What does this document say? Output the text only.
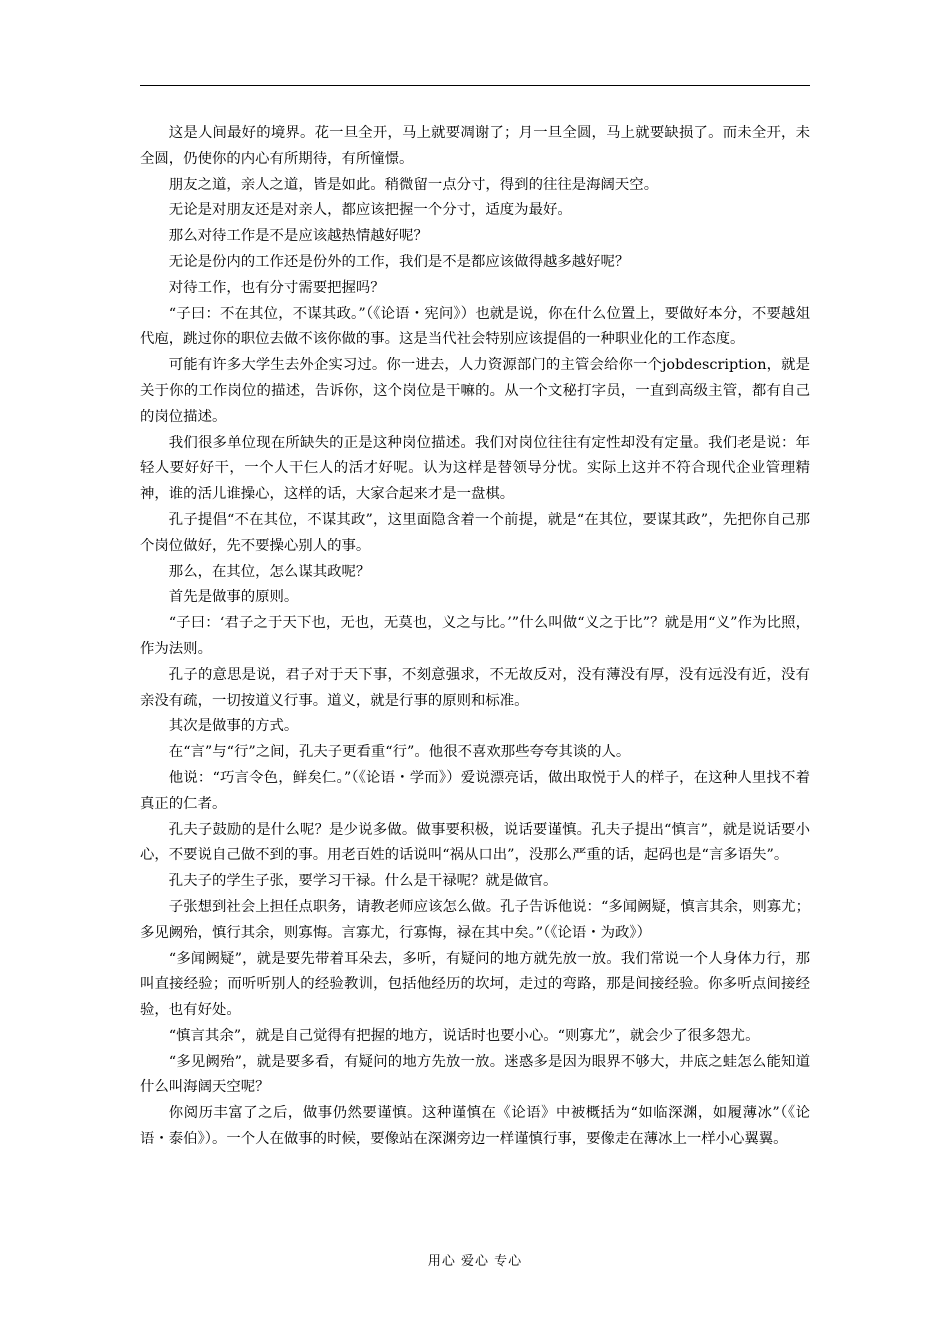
这是人间最好的境界。花一旦全开，马上就要凋谢了；月一旦全圆，马上就要缺损了。而未全开，未全圆，仍使你的内心有所期待，有所憧憬。

朋友之道，亲人之道，皆是如此。稍微留一点分寸，得到的往往是海阔天空。

无论是对朋友还是对亲人，都应该把握一个分寸，适度为最好。

那么对待工作是不是应该越热情越好呢？

无论是份内的工作还是份外的工作，我们是不是都应该做得越多越好呢？

对待工作，也有分寸需要把握吗？

“子曰：不在其位，不谋其政。”（《论语・宪问》）也就是说，你在什么位置上，要做好本分，不要越俎代庖，跳过你的职位去做不该你做的事。这是当代社会特别应该提倡的一种职业化的工作态度。

可能有许多大学生去外企实习过。你一进去，人力资源部门的主管会给你一个jobdescription，就是关于你的工作岗位的描述，告诉你，这个岗位是干嘛的。从一个文秘打字员，一直到高级主管，都有自己的岗位描述。

我们很多单位现在所缺失的正是这种岗位描述。我们对岗位往往有定性却没有定量。我们老是说：年轻人要好好干，一个人干仨人的活才好呢。认为这样是替领导分忧。实际上这并不符合现代企业管理精神，谁的活儿谁操心，这样的话，大家合起来才是一盘棋。

孔子提倡“不在其位，不谋其政”，这里面隐含着一个前提，就是“在其位，要谋其政”，先把你自己那个岗位做好，先不要操心别人的事。

那么，在其位，怎么谋其政呢？

首先是做事的原则。

“子曰：‘君子之于天下也，无也，无莫也，义之与比。’”什么叫做“义之于比”？就是用“义”作为比照，作为法则。

孔子的意思是说，君子对于天下事，不刻意强求，不无故反对，没有薄没有厚，没有远没有近，没有亲没有疏，一切按道义行事。道义，就是行事的原则和标准。

其次是做事的方式。

在“言”与“行”之间，孔夫子更看重“行”。他很不喜欢那些夸夸其谈的人。

他说：“巧言令色，鲜矣仁。”（《论语・学而》）爱说漂亮话，做出取悦于人的样子，在这种人里找不着真正的仁者。

孔夫子鼓励的是什么呢？是少说多做。做事要积极，说话要谨慎。孔夫子提出“慎言”，就是说话要小心，不要说自己做不到的事。用老百姓的话说叫“祸从口出”，没那么严重的话，起码也是“言多语失”。

孔夫子的学生子张，要学习干禄。什么是干禄呢？就是做官。

子张想到社会上担任点职务，请教老师应该怎么做。孔子告诉他说：“多闻阙疑，慎言其余，则寡尤；多见阙殆，慎行其余，则寡悔。言寡尤，行寡悔，禄在其中矣。”（《论语・为政》）

“多闻阙疑”，就是要先带着耳朵去，多听，有疑问的地方就先放一放。我们常说一个人身体力行，那叫直接经验；而听听别人的经验教训，包括他经历的坎坷，走过的弯路，那是间接经验。你多听点间接经验，也有好处。

“慎言其余”，就是自己觉得有把握的地方，说话时也要小心。“则寡尤”，就会少了很多怨尤。

“多见阙殆”，就是要多看，有疑问的地方先放一放。迷惑多是因为眼界不够大，井底之蛙怎么能知道什么叫海阔天空呢？

你阅历丰富了之后，做事仍然要谨慎。这种谨慎在《论语》中被概括为“如临深渊，如履薄冰”（《论语・泰伯》）。一个人在做事的时候，要像站在深渊旁边一样谨慎行事，要像走在薄冰上一样小心翼翼。

用心 爱心 专心
